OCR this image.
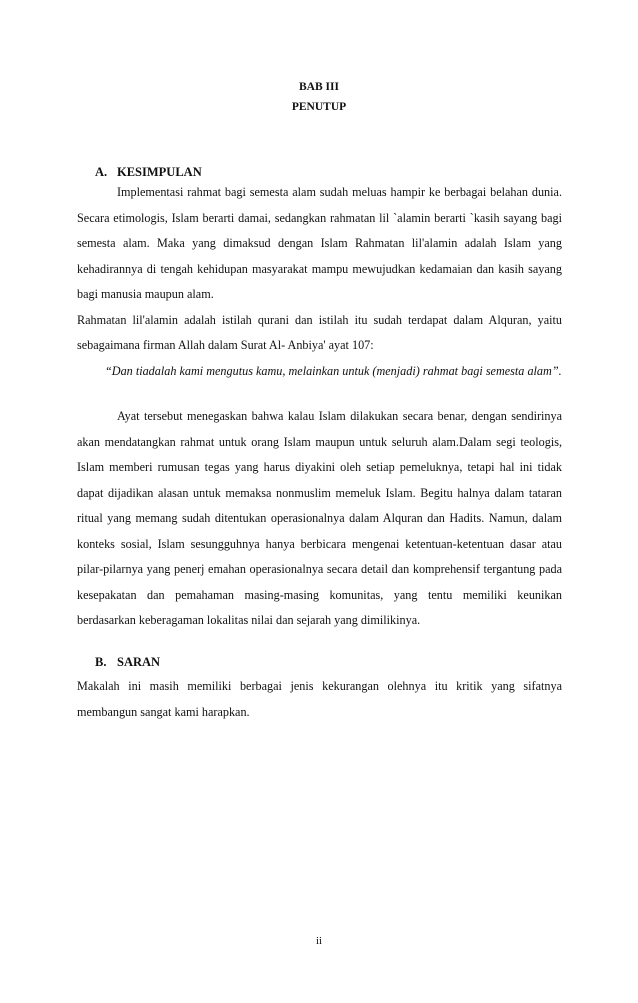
BAB III
PENUTUP
A. KESIMPULAN

Implementasi rahmat bagi semesta alam sudah meluas hampir ke berbagai belahan dunia. Secara etimologis, Islam berarti damai, sedangkan rahmatan lil `alamin berarti `kasih sayang bagi semesta alam. Maka yang dimaksud dengan Islam Rahmatan lil'alamin adalah Islam yang kehadirannya di tengah kehidupan masyarakat mampu mewujudkan kedamaian dan kasih sayang bagi manusia maupun alam.

Rahmatan lil'alamin adalah istilah qurani dan istilah itu sudah terdapat dalam Alquran, yaitu sebagaimana firman Allah dalam Surat Al- Anbiya' ayat 107:

“Dan tiadalah kami mengutus kamu, melainkan untuk (menjadi) rahmat bagi semesta alam”.

Ayat tersebut menegaskan bahwa kalau Islam dilakukan secara benar, dengan sendirinya akan mendatangkan rahmat untuk orang Islam maupun untuk seluruh alam.Dalam segi teologis, Islam memberi rumusan tegas yang harus diyakini oleh setiap pemeluknya, tetapi hal ini tidak dapat dijadikan alasan untuk memaksa nonmuslim memeluk Islam. Begitu halnya dalam tataran ritual yang memang sudah ditentukan operasionalnya dalam Alquran dan Hadits. Namun, dalam konteks sosial, Islam sesungguhnya hanya berbicara mengenai ketentuan-ketentuan dasar atau pilar-pilarnya yang penerj emahan operasionalnya secara detail dan komprehensif tergantung pada kesepakatan dan pemahaman masing-masing komunitas, yang tentu memiliki keunikan berdasarkan keberagaman lokalitas nilai dan sejarah yang dimilikinya.

B. SARAN

Makalah ini masih memiliki berbagai jenis kekurangan olehnya itu kritik yang sifatnya membangun sangat kami harapkan.

ii
